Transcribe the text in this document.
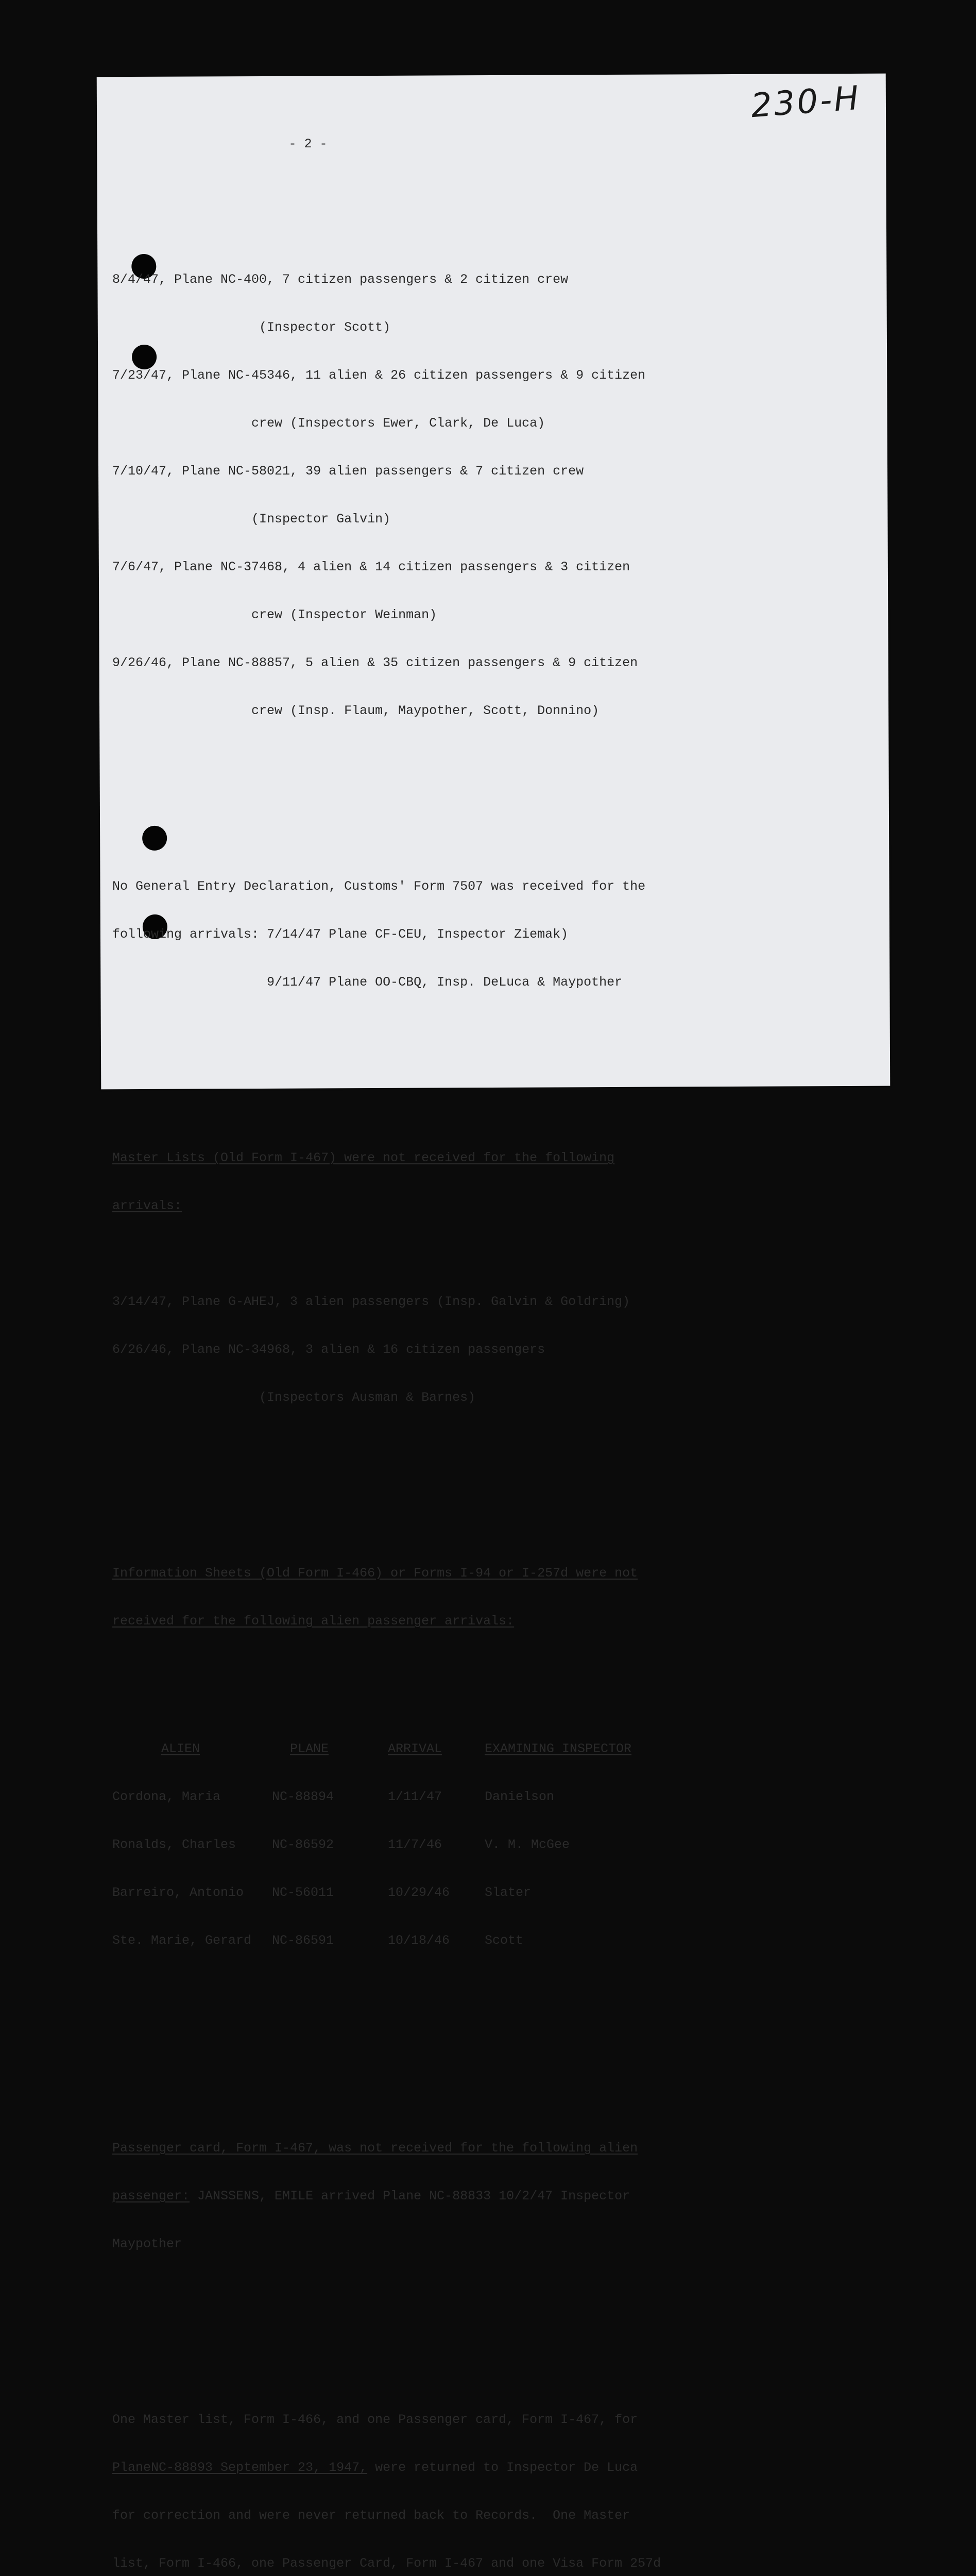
230-H

- 2 -

8/4/47, Plane NC-400, 7 citizen passengers & 2 citizen crew

(Inspector Scott)

7/23/47, Plane NC-45346, 11 alien & 26 citizen passengers & 9 citizen

crew (Inspectors Ewer, Clark, De Luca)

7/10/47, Plane NC-58021, 39 alien passengers & 7 citizen crew

(Inspector Galvin)

7/6/47, Plane NC-37468, 4 alien & 14 citizen passengers & 3 citizen

crew (Inspector Weinman)

9/26/46, Plane NC-88857, 5 alien & 35 citizen passengers & 9 citizen

crew (Insp. Flaum, Maypother, Scott, Donnino)

No General Entry Declaration, Customs' Form 7507 was received for the

following arrivals: 7/14/47 Plane CF-CEU, Inspector Ziemak)

9/11/47 Plane OO-CBQ, Insp. DeLuca & Maypother

Master Lists (Old Form I-467) were not received for the following

arrivals:

3/14/47, Plane G-AHEJ, 3 alien passengers (Insp. Galvin & Goldring)

6/26/46, Plane NC-34968, 3 alien & 16 citizen passengers

(Inspectors Ausman & Barnes)

Information Sheets (Old Form I-466) or Forms I-94 or I-257d were not

received for the following alien passenger arrivals:

ALIEN	PLANE	ARRIVAL	EXAMINING INSPECTOR

Cordona, Maria	NC-88894	1/11/47	Danielson

Ronalds, Charles	NC-86592	11/7/46	V. M. McGee

Barreiro, Antonio	NC-56011	10/29/46	Slater

Ste. Marie, Gerard	NC-86591	10/18/46	Scott

Passenger card, Form I-467, was not received for the following alien

passenger: JANSSENS, EMILE arrived Plane NC-88833 10/2/47 Inspector

Maypother

One Master list, Form I-466, and one Passenger card, Form I-467, for

PlaneNC-88893 September 23, 1947, were returned to Inspector De Luca

for correction and were never returned back to Records.  One Master

list, Form I-466, one Passenger Card, Form I-467 and one Visa Form 257d
